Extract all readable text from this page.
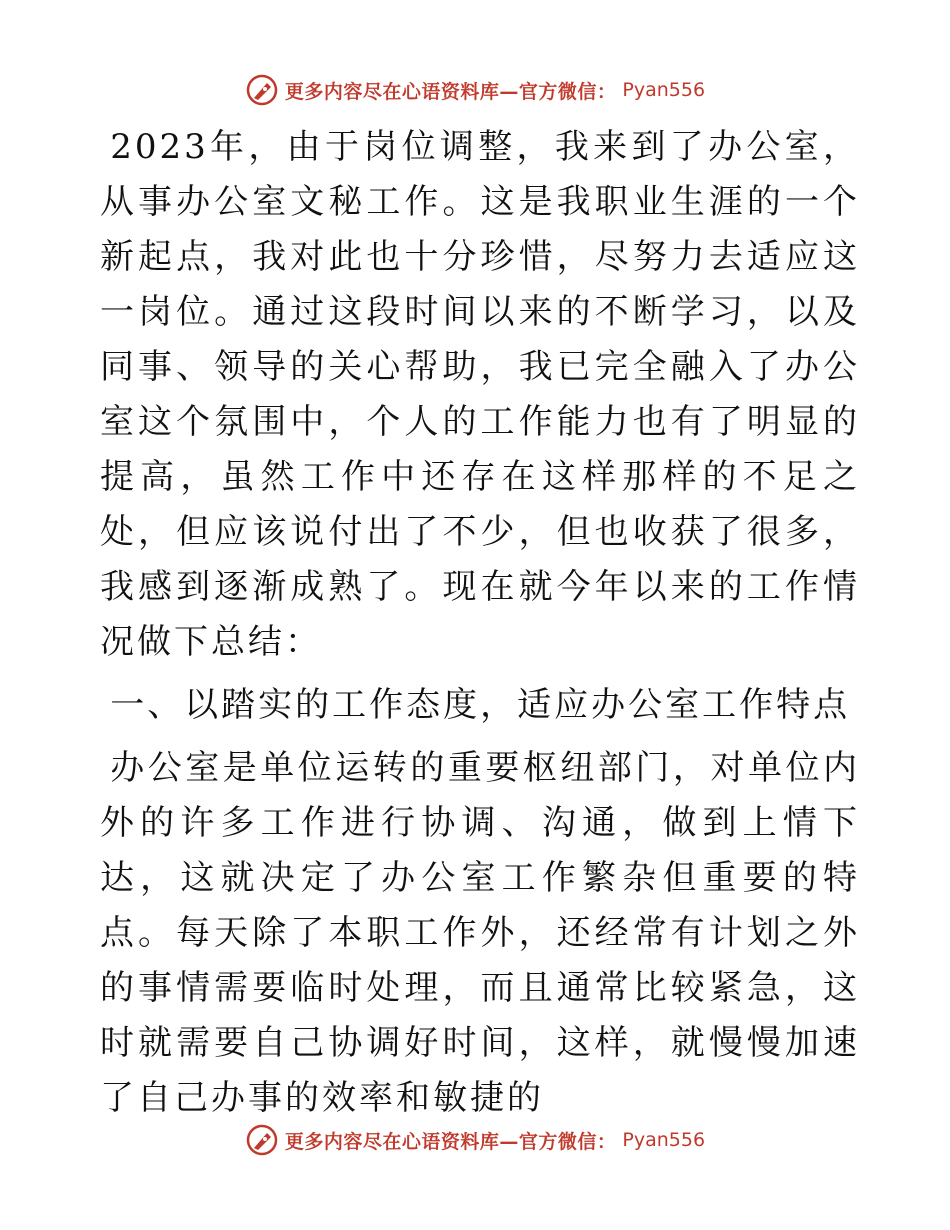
更多内容尽在心语资料库—官方微信： Pyan556

2023年，由于岗位调整，我来到了办公室，从事办公室文秘工作。这是我职业生涯的一个新起点，我对此也十分珍惜，尽努力去适应这一岗位。通过这段时间以来的不断学习，以及同事、领导的关心帮助，我已完全融入了办公室这个氛围中，个人的工作能力也有了明显的提高，虽然工作中还存在这样那样的不足之处，但应该说付出了不少，但也收获了很多，我感到逐渐成熟了。现在就今年以来的工作情况做下总结：

一、以踏实的工作态度，适应办公室工作特点

办公室是单位运转的重要枢纽部门，对单位内外的许多工作进行协调、沟通，做到上情下达，这就决定了办公室工作繁杂但重要的特点。每天除了本职工作外，还经常有计划之外的事情需要临时处理，而且通常比较紧急，这时就需要自己协调好时间，这样，就慢慢加速了自己办事的效率和敏捷的

更多内容尽在心语资料库—官方微信： Pyan556
